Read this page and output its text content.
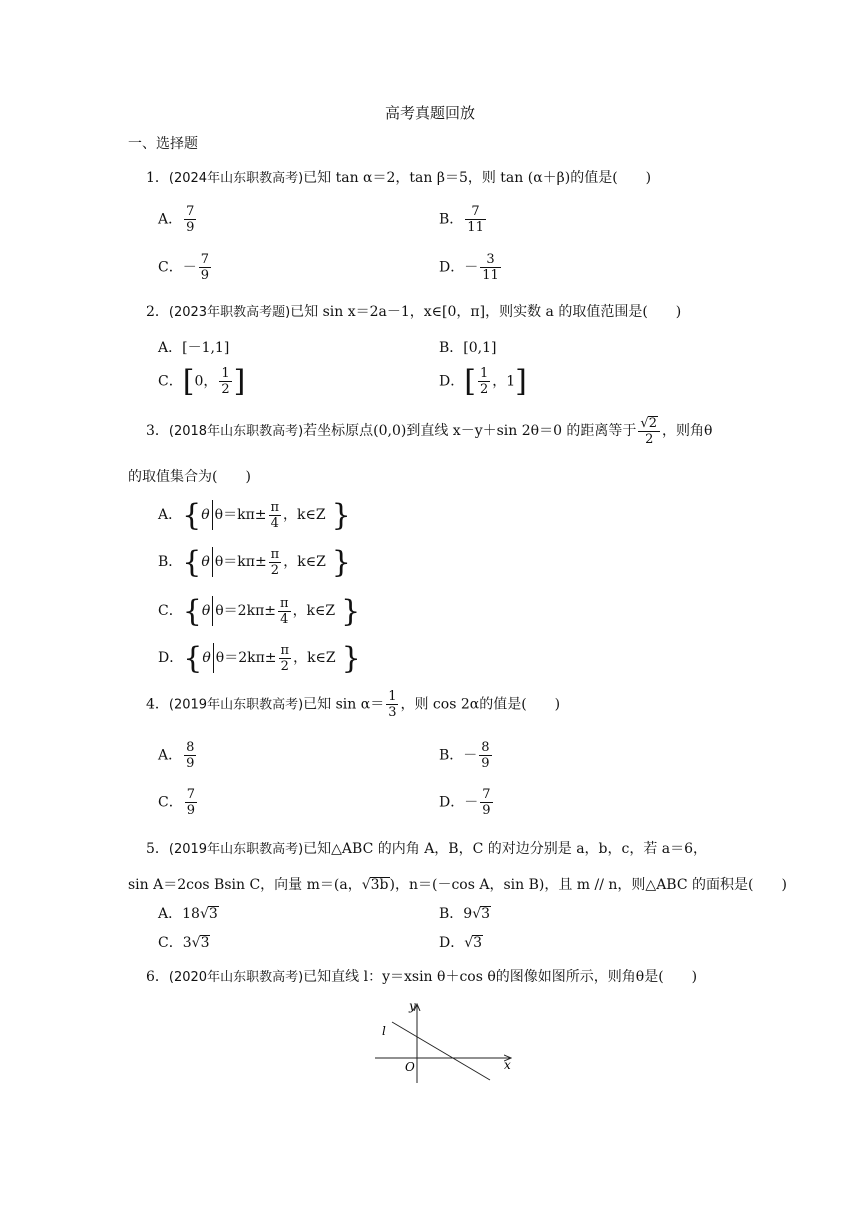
高考真题回放
一、选择题
1．(2024年山东职教高考)已知 tan α＝2，tan β＝5，则 tan (α＋β)的值是(　　)
A． $\frac{7}{9}$	B． $\frac{7}{11}$
C．－ $\frac{7}{9}$	D．－ $\frac{3}{11}$
2．(2023年职教高考题)已知 sin x＝2a－1，x∈[0，π]，则实数 a 的取值范围是(　　)
A．[－1,1]	B．[0,1]
C．[0， $\frac{1}{2}$ ]	D．[ $\frac{1}{2}$ ，1]
3．(2018年山东职教高考)若坐标原点(0,0)到直线 x－y＋sin 2θ＝0 的距离等于 $\frac{√2}{2}$ ，则角θ
的取值集合为(　　)
A．{θ $\theta=k\pi\pm \frac{\pi}{4}$ ，k∈Z }
B．{θ $\theta=k\pi\pm \frac{\pi}{2}$ ，k∈Z }
C．{θ $\theta=2k\pi\pm \frac{\pi}{4}$ ，k∈Z }
D．{θ $\theta=2k\pi\pm \frac{\pi}{2}$ ，k∈Z }
4．(2019年山东职教高考)已知 $\sin \alpha= \frac{1}{3}$ ，则 cos 2α的值是(　　)
A． $\frac{8}{9}$	B．－ $\frac{8}{9}$
C． $\frac{7}{9}$	D．－ $\frac{7}{9}$
5．(2019年山东职教高考)已知△ABC 的内角 A，B，C 的对边分别是 a，b，c，若 a＝6，
sin A＝2cos Bsin C，向量 m＝(a，√3b)，n＝(－cos A，sin B)，且 m // n，则△ABC 的面积是(　　)
A．18√3	B．9√3
C．3√3	D．√3
6．(2020年山东职教高考)已知直线 l：y＝xsin θ＋cos θ的图像如图所示，则角θ是(　　)
y
x
O
l
